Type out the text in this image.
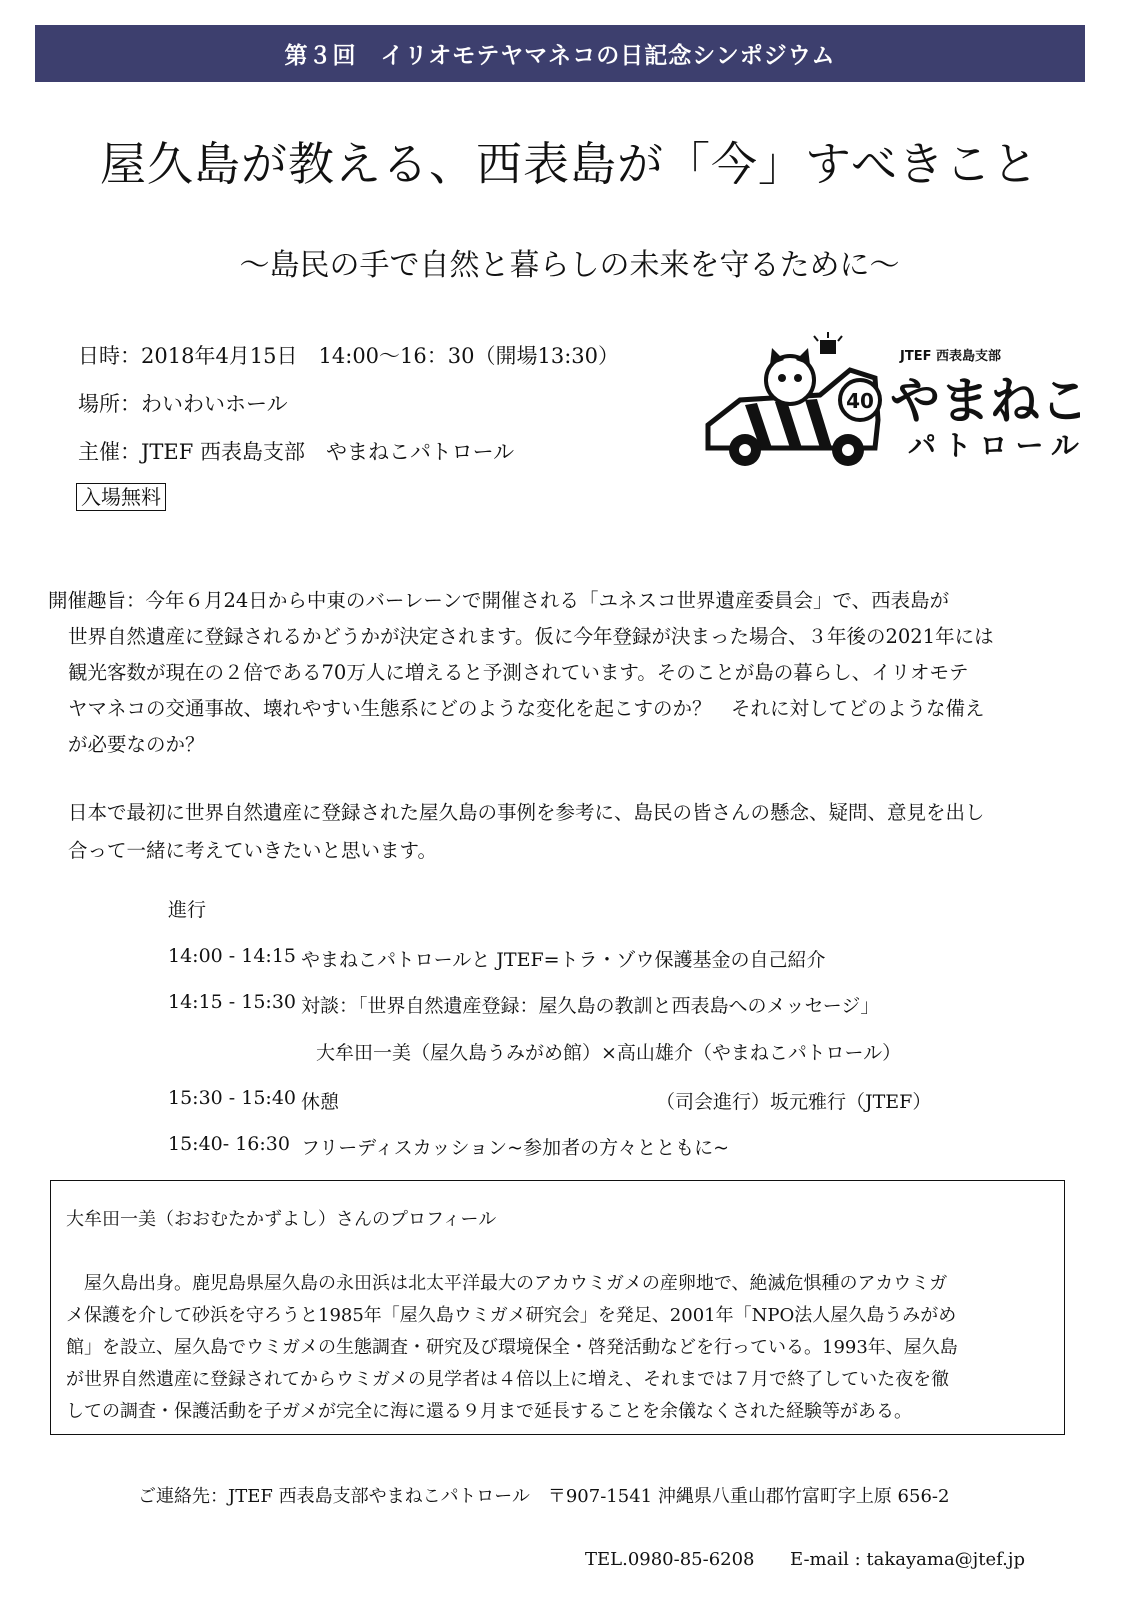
第３回　イリオモテヤマネコの日記念シンポジウム
屋久島が教える、西表島が「今」すべきこと
〜島民の手で自然と暮らしの未来を守るために〜
日時：2018年4月15日　14:00〜16：30（開場13:30）
場所：わいわいホール
主催：JTEF 西表島支部　やまねこパトロール
入場無料
40
JTEF 西表島支部
やまねこ
パトロール
開催趣旨：今年６月24日から中東のバーレーンで開催される「ユネスコ世界遺産委員会」で、西表島が
世界自然遺産に登録されるかどうかが決定されます。仮に今年登録が決まった場合、３年後の2021年には
観光客数が現在の２倍である70万人に増えると予測されています。そのことが島の暮らし、イリオモテ
ヤマネコの交通事故、壊れやすい生態系にどのような変化を起こすのか？　それに対してどのような備え
が必要なのか？
日本で最初に世界自然遺産に登録された屋久島の事例を参考に、島民の皆さんの懸念、疑問、意見を出し
合って一緒に考えていきたいと思います。
進行
14:00 - 14:15 やまねこパトロールと JTEF=トラ・ゾウ保護基金の自己紹介
14:15 - 15:30 対談：「世界自然遺産登録：屋久島の教訓と西表島へのメッセージ」
大牟田一美（屋久島うみがめ館）×高山雄介（やまねこパトロール）
15:30 - 15:40 休憩	（司会進行）坂元雅行（JTEF）
15:40- 16:30 フリーディスカッション~参加者の方々とともに~
大牟田一美（おおむたかずよし）さんのプロフィール
　屋久島出身。鹿児島県屋久島の永田浜は北太平洋最大のアカウミガメの産卵地で、絶滅危惧種のアカウミガ
メ保護を介して砂浜を守ろうと1985年「屋久島ウミガメ研究会」を発足、2001年「NPO法人屋久島うみがめ
館」を設立、屋久島でウミガメの生態調査・研究及び環境保全・啓発活動などを行っている。1993年、屋久島
が世界自然遺産に登録されてからウミガメの見学者は４倍以上に増え、それまでは７月で終了していた夜を徹
しての調査・保護活動を子ガメが完全に海に還る９月まで延長することを余儀なくされた経験等がある。
ご連絡先：JTEF 西表島支部やまねこパトロール　〒907-1541 沖縄県八重山郡竹富町字上原 656-2
TEL.0980-85-6208 E-mail : takayama@jtef.jp
